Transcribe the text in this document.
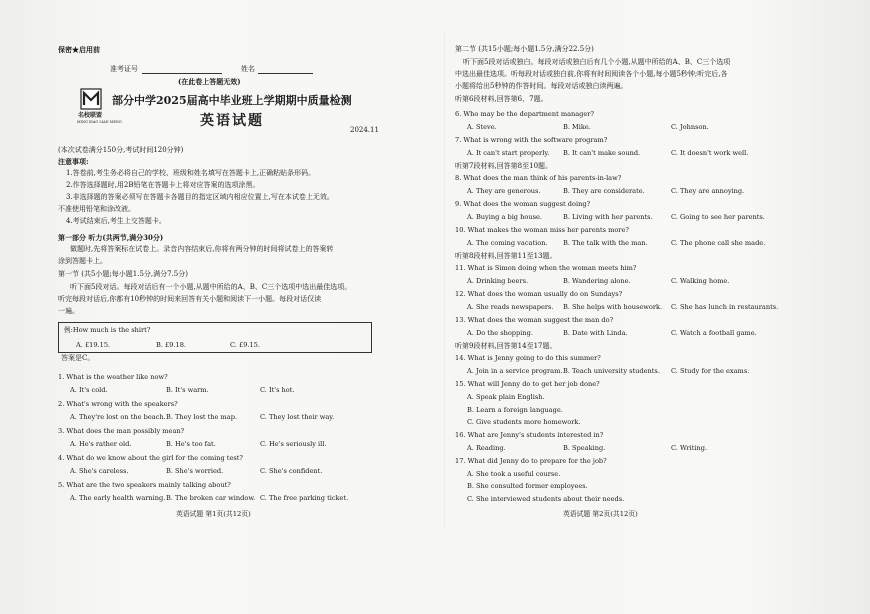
保密★启用前
准考证号	姓名
(在此卷上答题无效)
名校联盟
MING XIAO LIAN MENG
部分中学2025届高中毕业班上学期期中质量检测
英语试题
2024.11
(本次试卷满分150分,考试时间120分钟)
注意事项:
1.答卷前,考生务必将自己的学校、班级和姓名填写在答题卡上,正确粘贴条形码。
2.作答选择题时,用2B铅笔在答题卡上将对应答案的选项涂黑。
3.非选择题的答案必须写在答题卡各题目的指定区域内相应位置上,写在本试卷上无效。
不准使用铅笔和涂改液。
4.考试结束后,考生上交答题卡。
第一部分 听力(共两节,满分30分)
做题时,先将答案标在试卷上。录音内容结束后,你将有两分钟的时间将试卷上的答案转
涂到答题卡上。
第一节 (共5小题;每小题1.5分,满分7.5分)
听下面5段对话。每段对话后有一个小题,从题中所给的A、B、C三个选项中选出最佳选项。
听完每段对话后,你都有10秒钟的时间来回答有关小题和阅读下一小题。每段对话仅读
一遍。
例:How much is the shirt?
A. £19.15.	B. £9.18.	C. £9.15.
答案是C。
1. What is the weather like now?
A. It's cold.	B. It's warm.	C. It's hot.
2. What's wrong with the speakers?
A. They're lost on the beach. B. They lost the map.	C. They lost their way.
3. What does the man possibly mean?
A. He's rather old.	B. He's too fat.	C. He's seriously ill.
4. What do we know about the girl for the coming test?
A. She's careless.	B. She's worried.	C. She's confident.
5. What are the two speakers mainly talking about?
A. The early health warning. B. The broken car window. C. The free parking ticket.
英语试题 第1页(共12页)
第二节 (共15小题;每小题1.5分,满分22.5分)
听下面5段对话或独白。每段对话或独白后有几个小题,从题中所给的A、B、C三个选项
中选出最佳选项。听每段对话或独白前,你将有时间阅读各个小题,每小题5秒钟;听完后,各
小题将给出5秒钟的作答时间。每段对话或独白读两遍。
听第6段材料,回答第6、7题。
6. Who may be the department manager?
A. Steve.	B. Mike.	C. Johnson.
7. What is wrong with the software program?
A. It can't start properly. B. It can't make sound.	C. It doesn't work well.
听第7段材料,回答第8至10题。
8. What does the man think of his parents-in-law?
A. They are generous.	B. They are considerate.	C. They are annoying.
9. What does the woman suggest doing?
A. Buying a big house.	B. Living with her parents.	C. Going to see her parents.
10. What makes the woman miss her parents more?
A. The coming vacation. B. The talk with the man.	C. The phone call she made.
听第8段材料,回答第11至13题。
11. What is Simon doing when the woman meets him?
A. Drinking beers.	B. Wandering alone.	C. Walking home.
12. What does the woman usually do on Sundays?
A. She reads newspapers. B. She helps with housework. C. She has lunch in restaurants.
13. What does the woman suggest the man do?
A. Do the shopping.	B. Date with Linda.	C. Watch a football game.
听第9段材料,回答第14至17题。
14. What is Jenny going to do this summer?
A. Join in a service program. B. Teach university students. C. Study for the exams.
15. What will Jenny do to get her job done?
A. Speak plain English.
B. Learn a foreign language.
C. Give students more homework.
16. What are Jenny's students interested in?
A. Reading.	B. Speaking.	C. Writing.
17. What did Jenny do to prepare for the job?
A. She took a useful course.
B. She consulted former employees.
C. She interviewed students about their needs.
英语试题 第2页(共12页)
